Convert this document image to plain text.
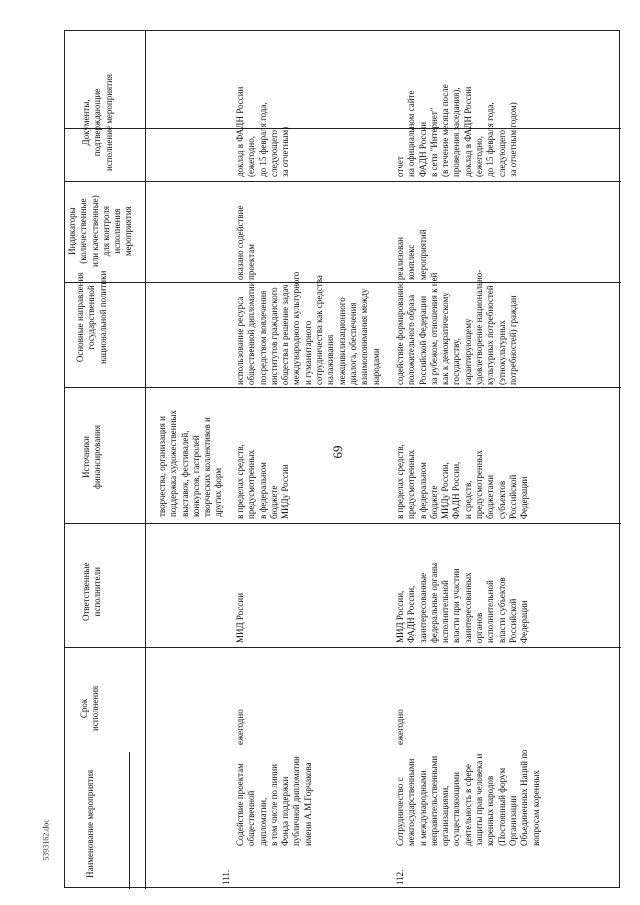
69
5393162.doc	Наименование мероприятия
Срок
исполнения
Ответственные
исполнители
Источники
финансирования
Основные направления
государственной
национальной политики
Индикаторы
(количественные
или качественные)
для контроля
исполнения
мероприятия
Документы,
подтверждающие
исполнение мероприятия
творчества, организация и
поддержка художественных
выставок, фестивалей,
конкурсов, гастролей
творческих коллективов и
других форм
111.
Содействие проектам
общественной
дипломатии,
в том числе по линии
Фонда поддержки
публичной дипломатии
имени А.М.Горчакова
ежегодно
МИД России
в пределах средств,
предусмотренных
в федеральном
бюджете
МИДу России
использование ресурса
общественной дипломатии
посредством вовлечения
институтов гражданского
общества в решение задач
международного культурного
и гуманитарного
сотрудничества как средства
налаживания
межцивилизационного
диалога, обеспечения
взаимопонимания между
народами
оказано содействие
проектам
доклад в ФАДН России
(ежегодно,
до 15 февраля года,
следующего
за отчетным)
112.
Сотрудничество с
межгосударственными
и международными
неправительственными
организациями,
осуществляющими
деятельность в сфере
защиты прав человека и
коренных народов
(Постоянный форум
Организации
Объединенных Наций по
вопросам коренных
ежегодно
МИД России,
ФАДН России,
заинтересованные
федеральные органы
исполнительной
власти при участии
заинтересованных
органов
исполнительной
власти субъектов
Российской
Федерации
в пределах средств,
предусмотренных
в федеральном
бюджете
МИДу России,
ФАДН России,
и средств,
предусмотренных
бюджетами
субъектов
Российской
Федерации
содействие формированию
положительного образа
Российской Федерации
за рубежом, отношения к ней
как к демократическому
государству,
гарантирующему
удовлетворение национально-
культурных потребностей
(этнокультурных
потребностей) граждан
реализован
комплекс
мероприятий
отчет
на официальном сайте
ФАДН России
в сети "Интернет"
(в течение месяца после
проведения заседания),
доклад в ФАДН России
(ежегодно,
до 15 февраля года,
следующего
за отчетным годом)
